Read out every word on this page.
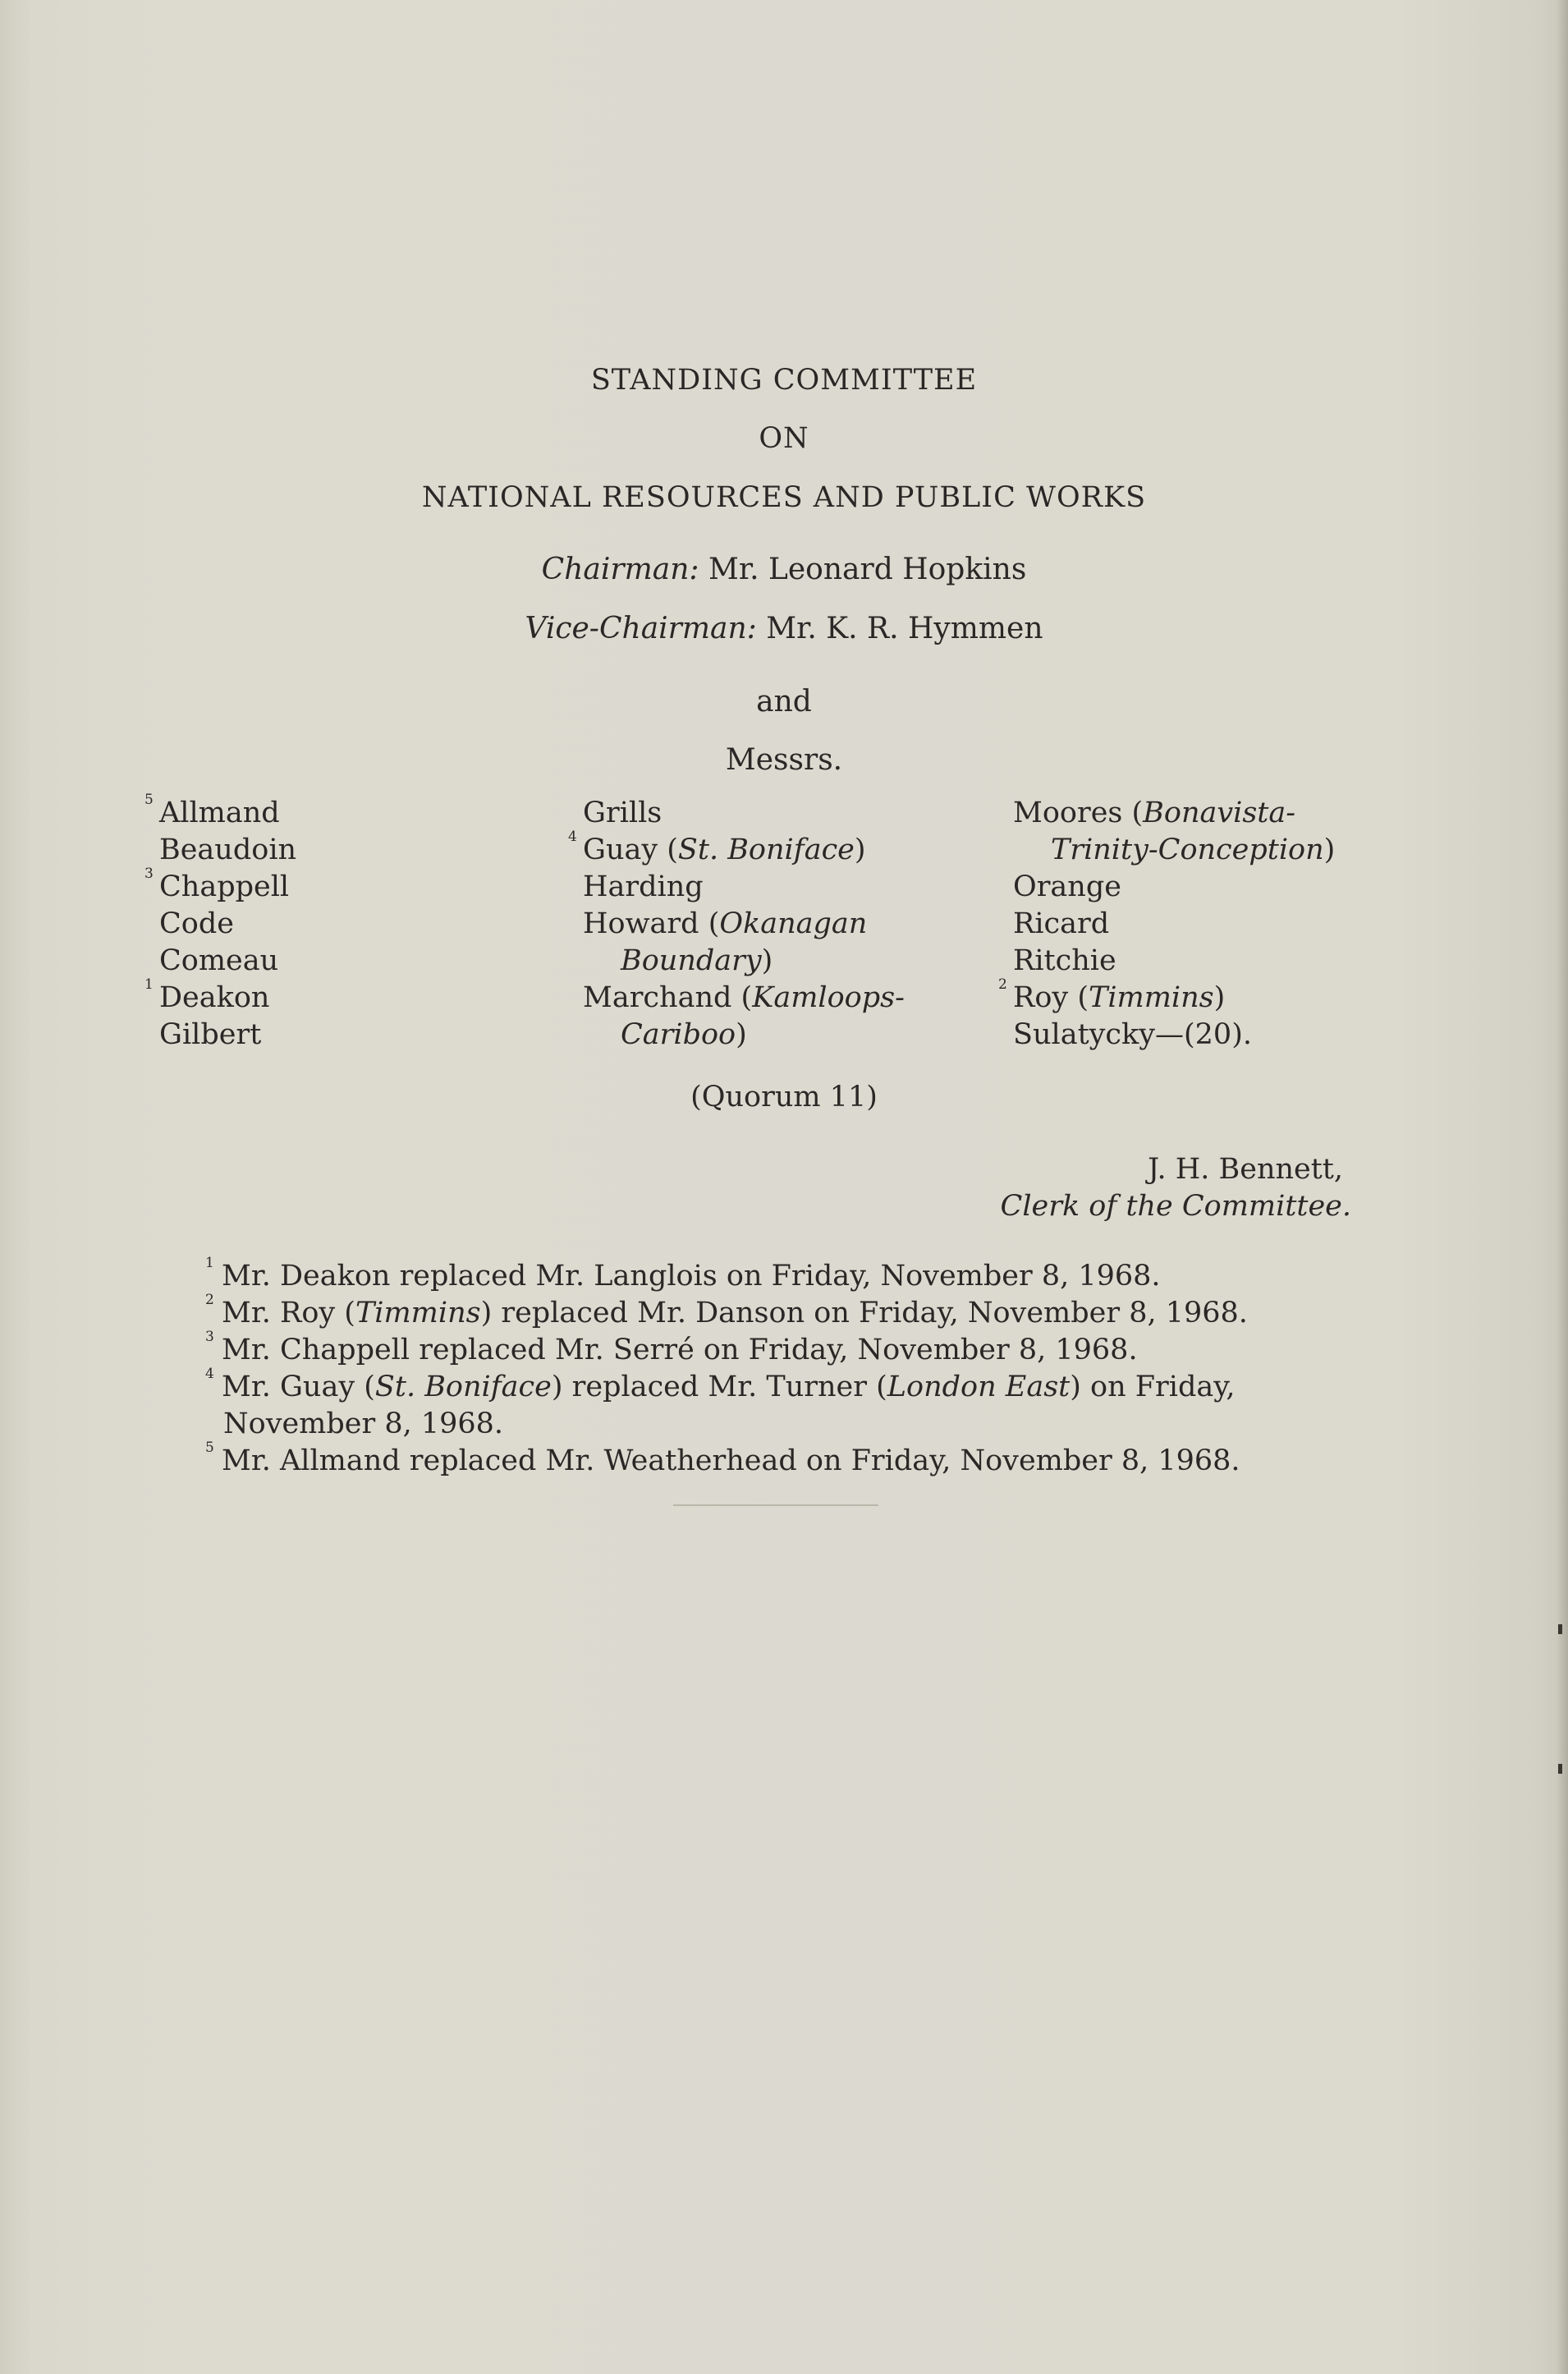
STANDING COMMITTEE
ON
NATIONAL RESOURCES AND PUBLIC WORKS
Chairman: Mr. Leonard Hopkins
Vice-Chairman: Mr. K. R. Hymmen
and
Messrs.
5 Allmand
Beaudoin
3 Chappell
Code
Comeau
1 Deakon
Gilbert
Grills
4 Guay (St. Boniface)
Harding
Howard (Okanagan
Boundary)
Marchand (Kamloops-
Cariboo)
Moores (Bonavista-
Trinity-Conception)
Orange
Ricard
Ritchie
2 Roy (Timmins)
Sulatycky—(20).
(Quorum 11)
J. H. Bennett,
Clerk of the Committee.
1 Mr. Deakon replaced Mr. Langlois on Friday, November 8, 1968.
2 Mr. Roy (Timmins) replaced Mr. Danson on Friday, November 8, 1968.
3 Mr. Chappell replaced Mr. Serré on Friday, November 8, 1968.
4 Mr. Guay (St. Boniface) replaced Mr. Turner (London East) on Friday,
November 8, 1968.
5 Mr. Allmand replaced Mr. Weatherhead on Friday, November 8, 1968.
